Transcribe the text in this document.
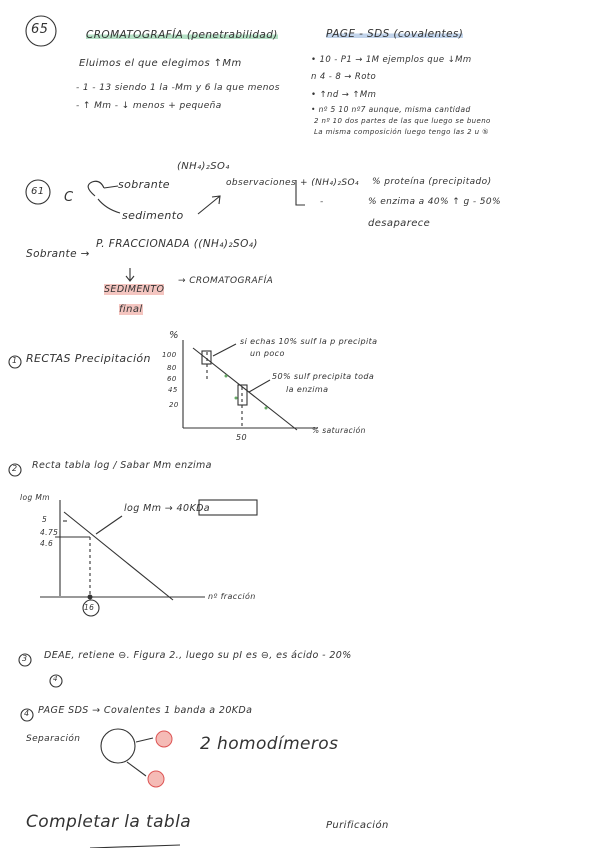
65	CROMATOGRAFÍA (penetrabilidad)
Eluimos el que elegimos ↑Mm
- 1 - 13 siendo 1 la -Mm y 6 la que menos
- ↑ Mm - ↓ menos + pequeña
PAGE - SDS (covalentes)
• 10 - P1 → 1M ejemplos que ↓Mm
n 4 - 8 → Roto
• ↑nd → ↑Mm
• nº 5 10 nº7 aunque, misma cantidad
2 nº 10 dos partes de las que luego se bueno
La misma composición luego tengo las 2 u ⑤
61 C
(NH₄)₂SO₄
sobrante
sedimento
observaciones + (NH₄)₂SO₄
-
% proteína (precipitado)
% enzima a 40% ↑ g - 50%
desaparece
Sobrante →
P. FRACCIONADA ((NH₄)₂SO₄)
SEDIMENTO
final
→ CROMATOGRAFÍA
1 RECTAS Precipitación
%
100
80
60
45
20
50
% saturación
si echas 10% sulf la p precipita
un poco
50% sulf precipita toda
la enzima
2 Recta tabla log / Sabar Mm enzima
log Mm
5
4.75
4.6
16
nº fracción
log Mm → 40KDa
3 DEAE, retiene ⊖. Figura 2., luego su pI es ⊖, es ácido - 20%
4
4 PAGE SDS → Covalentes 1 banda a 20KDa
Separación	2 homodímeros
Completar la tabla	Purificación
